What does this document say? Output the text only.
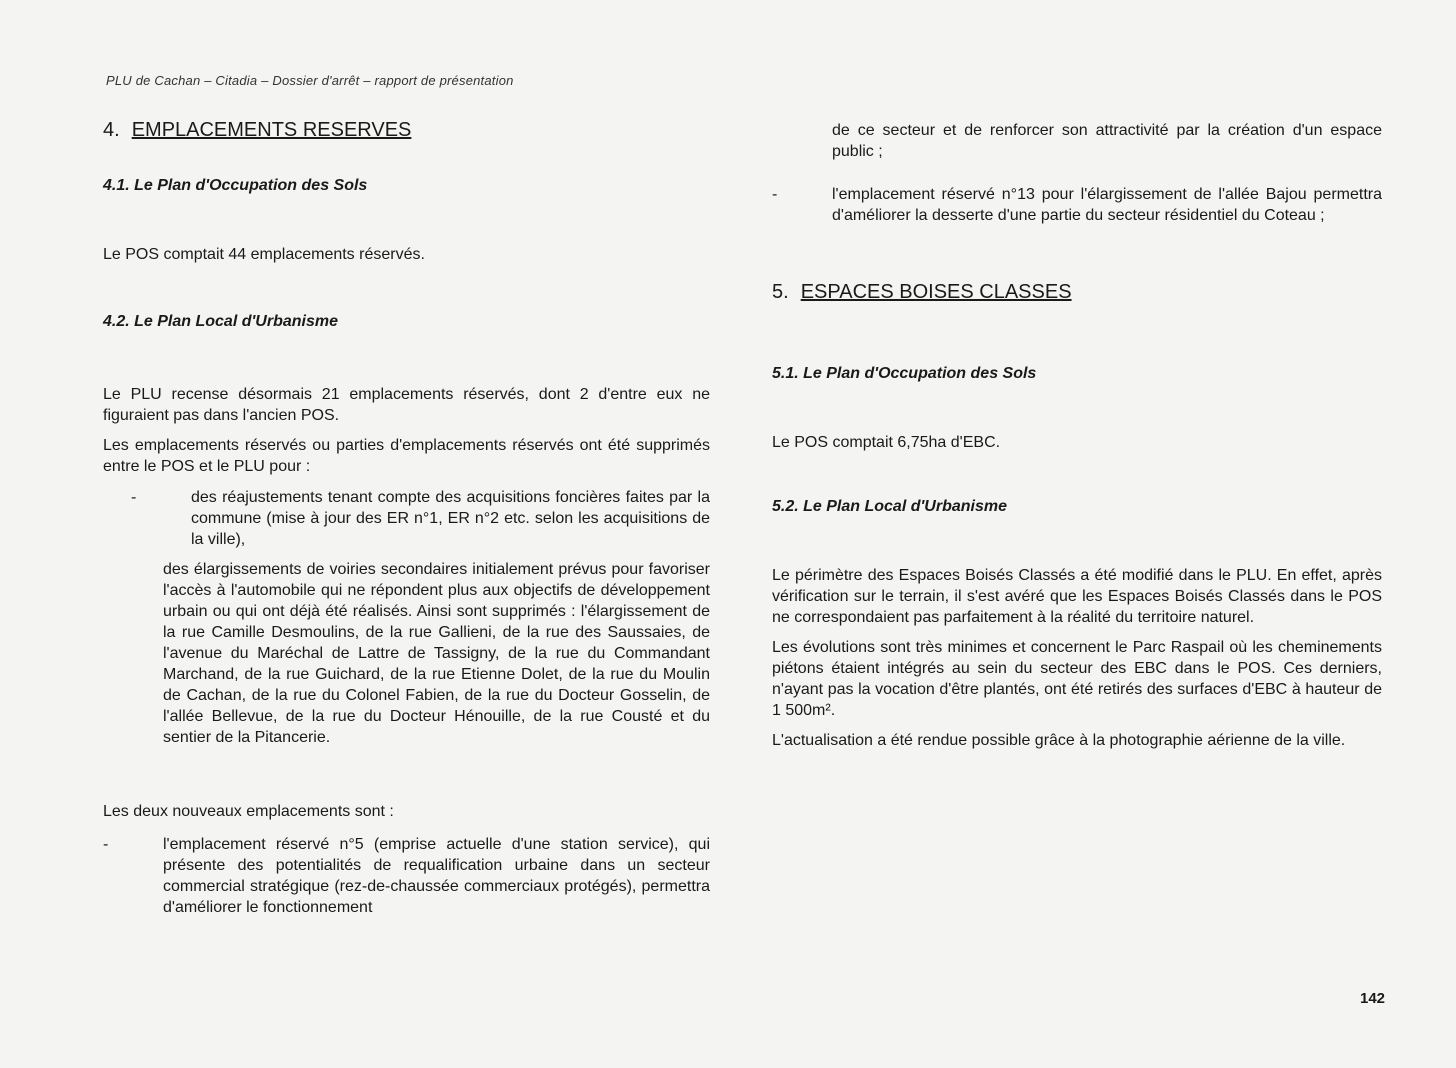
PLU de Cachan – Citadia – Dossier d'arrêt – rapport de présentation
4. EMPLACEMENTS RESERVES
4.1. Le Plan d'Occupation des Sols

Le POS comptait 44 emplacements réservés.

4.2. Le Plan Local d'Urbanisme

Le PLU recense désormais 21 emplacements réservés, dont 2 d'entre eux ne figuraient pas dans l'ancien POS.

Les emplacements réservés ou parties d'emplacements réservés ont été supprimés entre le POS et le PLU pour :

-	des réajustements tenant compte des acquisitions foncières faites par la commune (mise à jour des ER n°1, ER n°2 etc. selon les acquisitions de la ville),
des élargissements de voiries secondaires initialement prévus pour favoriser l'accès à l'automobile qui ne répondent plus aux objectifs de développement urbain ou qui ont déjà été réalisés. Ainsi sont supprimés : l'élargissement de la rue Camille Desmoulins, de la rue Gallieni, de la rue des Saussaies, de l'avenue du Maréchal de Lattre de Tassigny, de la rue du Commandant Marchand, de la rue Guichard, de la rue Etienne Dolet, de la rue du Moulin de Cachan, de la rue du Colonel Fabien, de la rue du Docteur Gosselin, de l'allée Bellevue, de la rue du Docteur Hénouille, de la rue Cousté et du sentier de la Pitancerie.

Les deux nouveaux emplacements sont :

-	l'emplacement réservé n°5 (emprise actuelle d'une station service), qui présente des potentialités de requalification urbaine dans un secteur commercial stratégique (rez-de-chaussée commerciaux protégés), permettra d'améliorer le fonctionnement
de ce secteur et de renforcer son attractivité par la création d'un espace public ;
-	l'emplacement réservé n°13 pour l'élargissement de l'allée Bajou permettra d'améliorer la desserte d'une partie du secteur résidentiel du Coteau ;
5. ESPACES BOISES CLASSES
5.1. Le Plan d'Occupation des Sols

Le POS comptait 6,75ha d'EBC.

5.2. Le Plan Local d'Urbanisme

Le périmètre des Espaces Boisés Classés a été modifié dans le PLU. En effet, après vérification sur le terrain, il s'est avéré que les Espaces Boisés Classés dans le POS ne correspondaient pas parfaitement à la réalité du territoire naturel.

Les évolutions sont très minimes et concernent le Parc Raspail où les cheminements piétons étaient intégrés au sein du secteur des EBC dans le POS. Ces derniers, n'ayant pas la vocation d'être plantés, ont été retirés des surfaces d'EBC à hauteur de 1 500m².

L'actualisation a été rendue possible grâce à la photographie aérienne de la ville.

142
